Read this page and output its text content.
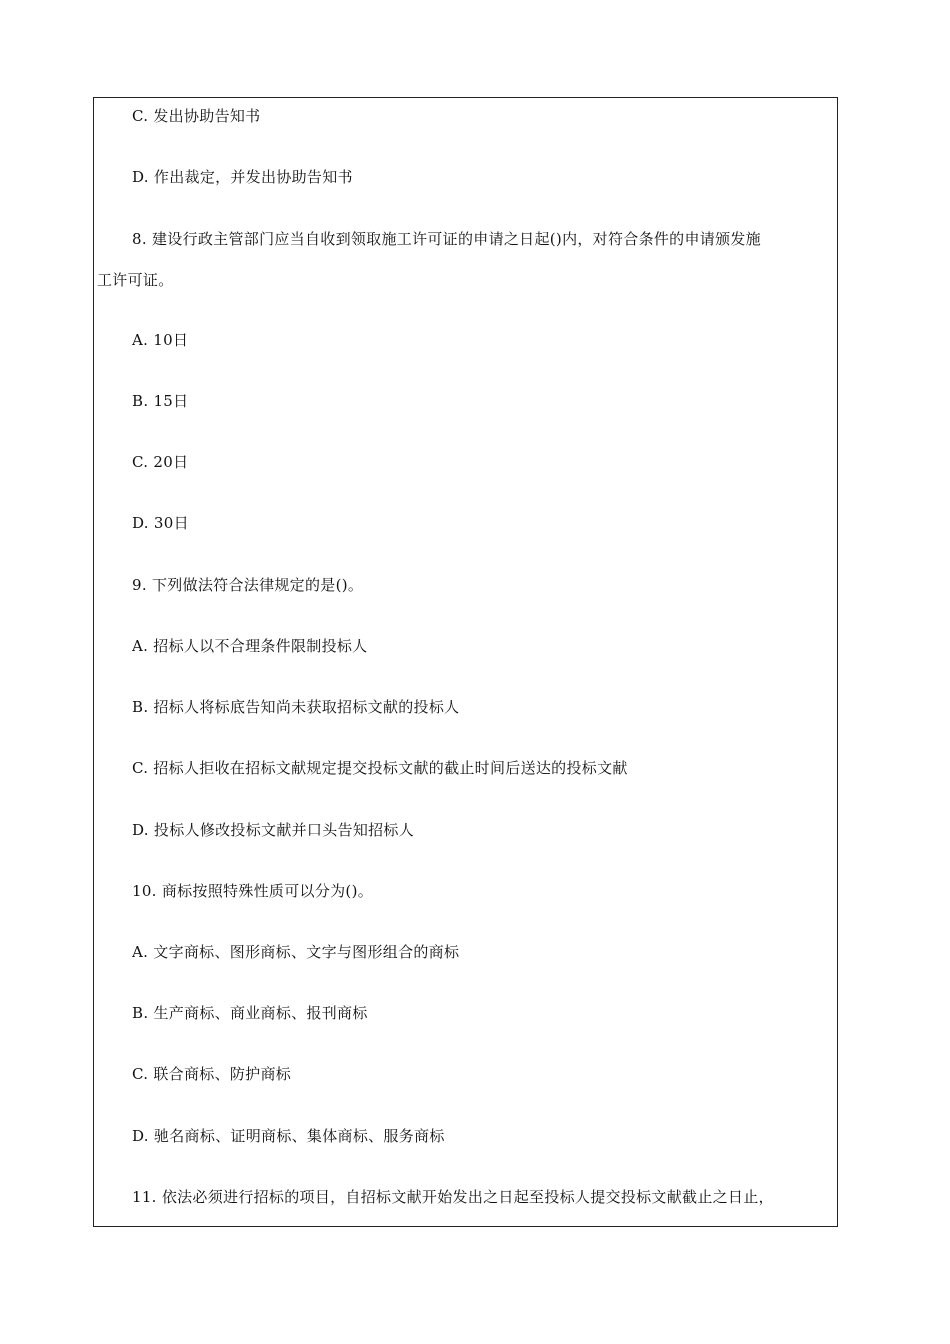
C. 发出协助告知书
D. 作出裁定，并发出协助告知书
8. 建设行政主管部门应当自收到领取施工许可证的申请之日起()内，对符合条件的申请颁发施
工许可证。
A. 10日
B. 15日
C. 20日
D. 30日
9. 下列做法符合法律规定的是()。
A. 招标人以不合理条件限制投标人
B. 招标人将标底告知尚未获取招标文献的投标人
C. 招标人拒收在招标文献规定提交投标文献的截止时间后送达的投标文献
D. 投标人修改投标文献并口头告知招标人
10. 商标按照特殊性质可以分为()。
A. 文字商标、图形商标、文字与图形组合的商标
B. 生产商标、商业商标、报刊商标
C. 联合商标、防护商标
D. 驰名商标、证明商标、集体商标、服务商标
11. 依法必须进行招标的项目，自招标文献开始发出之日起至投标人提交投标文献截止之日止，
